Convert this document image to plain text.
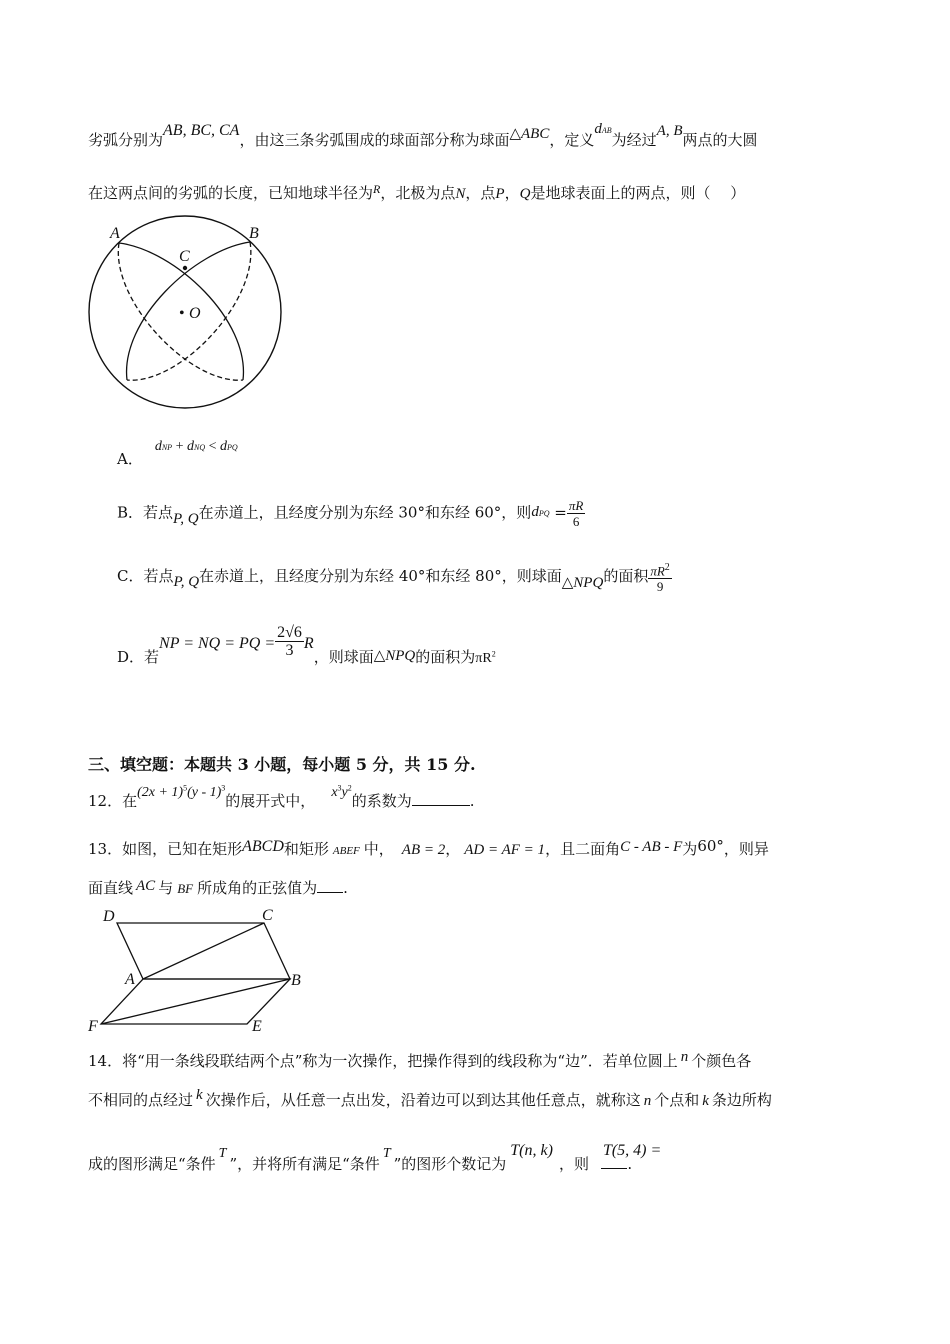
劣弧分别为AB, BC, CA，由这三条劣弧围成的球面部分称为球面△ABC，定义dAB为经过A, B两点的大圆
在这两点间的劣弧的长度，已知地球半径为$^R$，北极为点N，点P，Q是地球表面上的两点，则（　 ）
A	B
C
• O
D	C
A	B
F	E
A．dNP + dNQ < dPQ
B．若点P, Q在赤道上，且经度分别为东经 30°和东经 60°，则dPQ = $\frac{\pi R}{6}$
C．若点P, Q在赤道上，且经度分别为东经 40°和东经 80°，则球面△NPQ的面积 $\frac{\pi R^2}{9}$
D．若NP = NQ = PQ = $\frac{2√6}{3}$ R，则球面△NPQ的面积为$\pi R^2$
三、填空题：本题共 3 小题，每小题 5 分，共 15 分.
12．在$(2x + 1)^5(y - 1)^3$的展开式中， $x^3y^2$的系数为	.
13．如图，已知在矩形ABCD和矩形 ABEF 中， AB = 2， AD = AF = 1，且二面角C - AB - F为60°，则异
面直线 AC 与 BF 所成角的正弦值为 .
14．将“用一条线段联结两个点”称为一次操作，把操作得到的线段称为“边”．若单位圆上 n 个颜色各
不相同的点经过 k 次操作后，从任意一点出发，沿着边可以到达其他任意点，就称这 n 个点和 k 条边所构
成的图形满足“条件T”，并将所有满足“条件T”的图形个数记为T(n, k)，则T(5, 4) =.
